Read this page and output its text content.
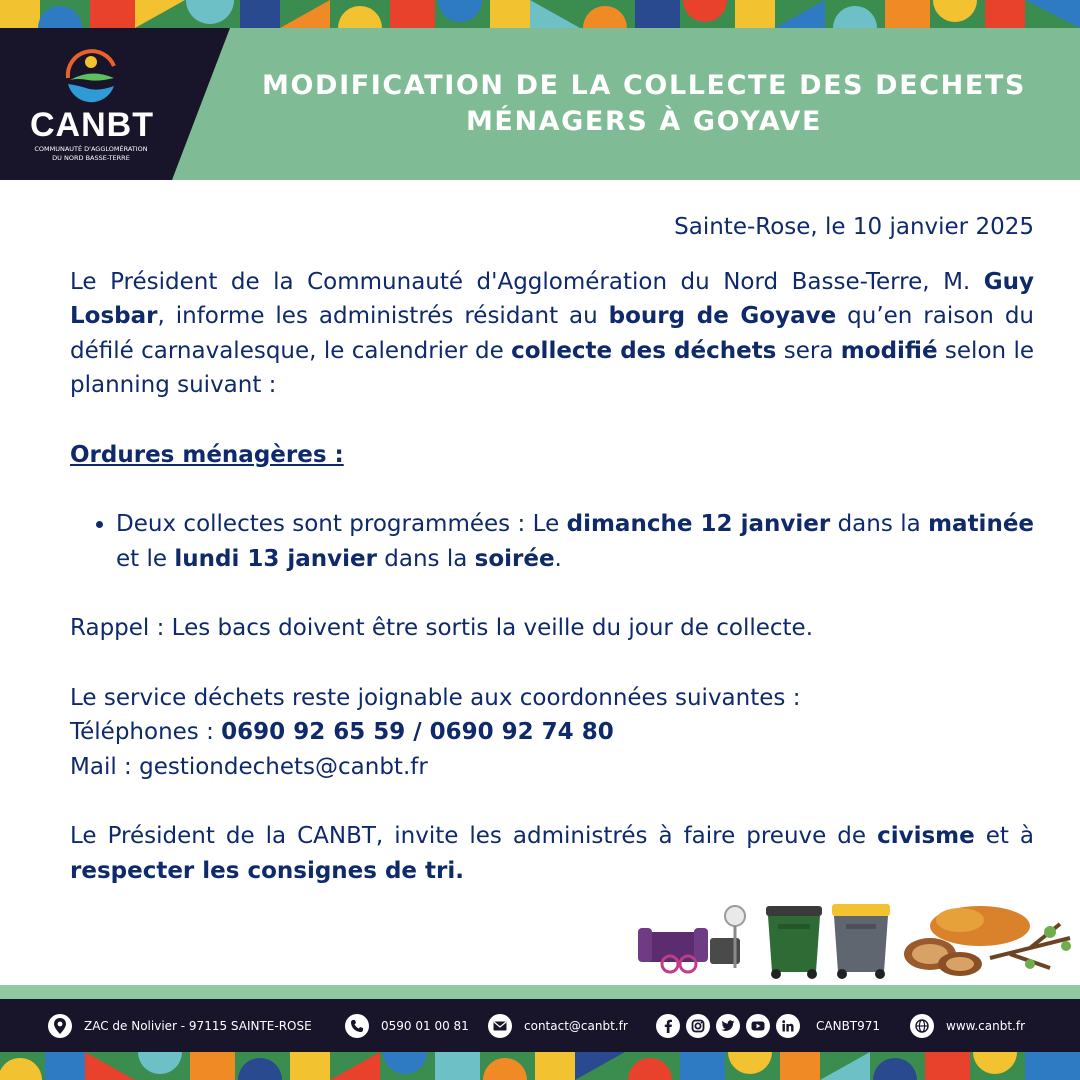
CANBT
COMMUNAUTÉ D'AGGLOMÉRATION
DU NORD BASSE-TERRE
MODIFICATION DE LA COLLECTE DES DECHETS
MÉNAGERS À GOYAVE

Sainte-Rose, le 10 janvier 2025

Le Président de la Communauté d'Agglomération du Nord Basse-Terre, M. Guy Losbar, informe les administrés résidant au bourg de Goyave qu’en raison du défilé carnavalesque, le calendrier de collecte des déchets sera modifié selon le planning suivant :

Ordures ménagères :

• Deux collectes sont programmées : Le dimanche 12 janvier dans la matinée et le lundi 13 janvier dans la soirée.

Rappel : Les bacs doivent être sortis la veille du jour de collecte.

Le service déchets reste joignable aux coordonnées suivantes :

Téléphones : 0690 92 65 59 / 0690 92 74 80

Mail : gestiondechets@canbt.fr

Le Président de la CANBT, invite les administrés à faire preuve de civisme et à respecter les consignes de tri.

ZAC de Nolivier - 97115 SAINTE-ROSE	0590 01 00 81	contact@canbt.fr	CANBT971	www.canbt.fr
